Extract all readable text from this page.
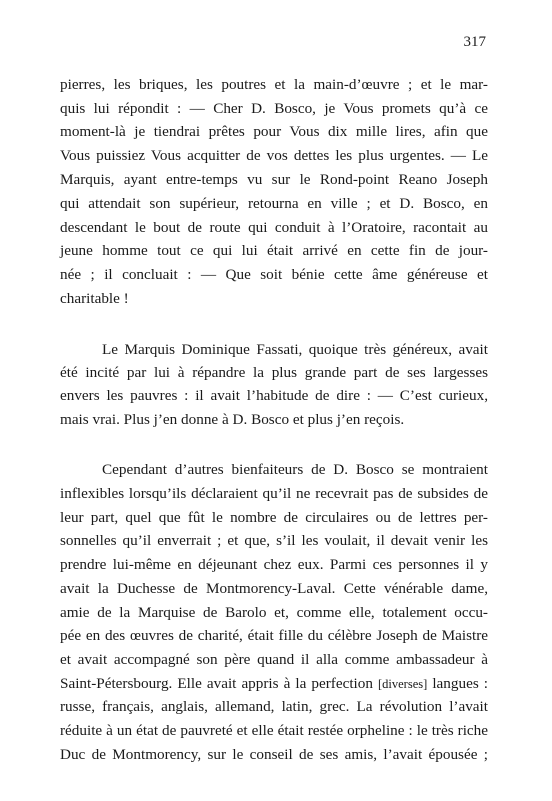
317
pierres, les briques, les poutres et la main-d’œuvre ; et le mar-
quis lui répondit : — Cher D. Bosco, je Vous promets qu’à ce
moment-là je tiendrai prêtes pour Vous dix mille lires, afin que
Vous puissiez Vous acquitter de vos dettes les plus urgentes. — Le
Marquis, ayant entre-temps vu sur le Rond-point Reano Joseph
qui attendait son supérieur, retourna en ville ; et D. Bosco, en
descendant le bout de route qui conduit à l’Oratoire, racontait au
jeune homme tout ce qui lui était arrivé en cette fin de jour-
née ; il concluait : — Que soit bénie cette âme généreuse et
charitable !
Le Marquis Dominique Fassati, quoique très généreux, avait
été incité par lui à répandre la plus grande part de ses largesses
envers les pauvres : il avait l’habitude de dire : — C’est curieux,
mais vrai. Plus j’en donne à D. Bosco et plus j’en reçois.
Cependant d’autres bienfaiteurs de D. Bosco se montraient
inflexibles lorsqu’ils déclaraient qu’il ne recevrait pas de subsides de
leur part, quel que fût le nombre de circulaires ou de lettres per-
sonnelles qu’il enverrait ; et que, s’il les voulait, il devait venir les
prendre lui-même en déjeunant chez eux. Parmi ces personnes il y
avait la Duchesse de Montmorency-Laval. Cette vénérable dame,
amie de la Marquise de Barolo et, comme elle, totalement occu-
pée en des œuvres de charité, était fille du célèbre Joseph de Maistre
et avait accompagné son père quand il alla comme ambassadeur à
Saint-Pétersbourg. Elle avait appris à la perfection [diverses] langues :
russe, français, anglais, allemand, latin, grec. La révolution l’avait
réduite à un état de pauvreté et elle était restée orpheline : le très riche
Duc de Montmorency, sur le conseil de ses amis, l’avait épousée ;
